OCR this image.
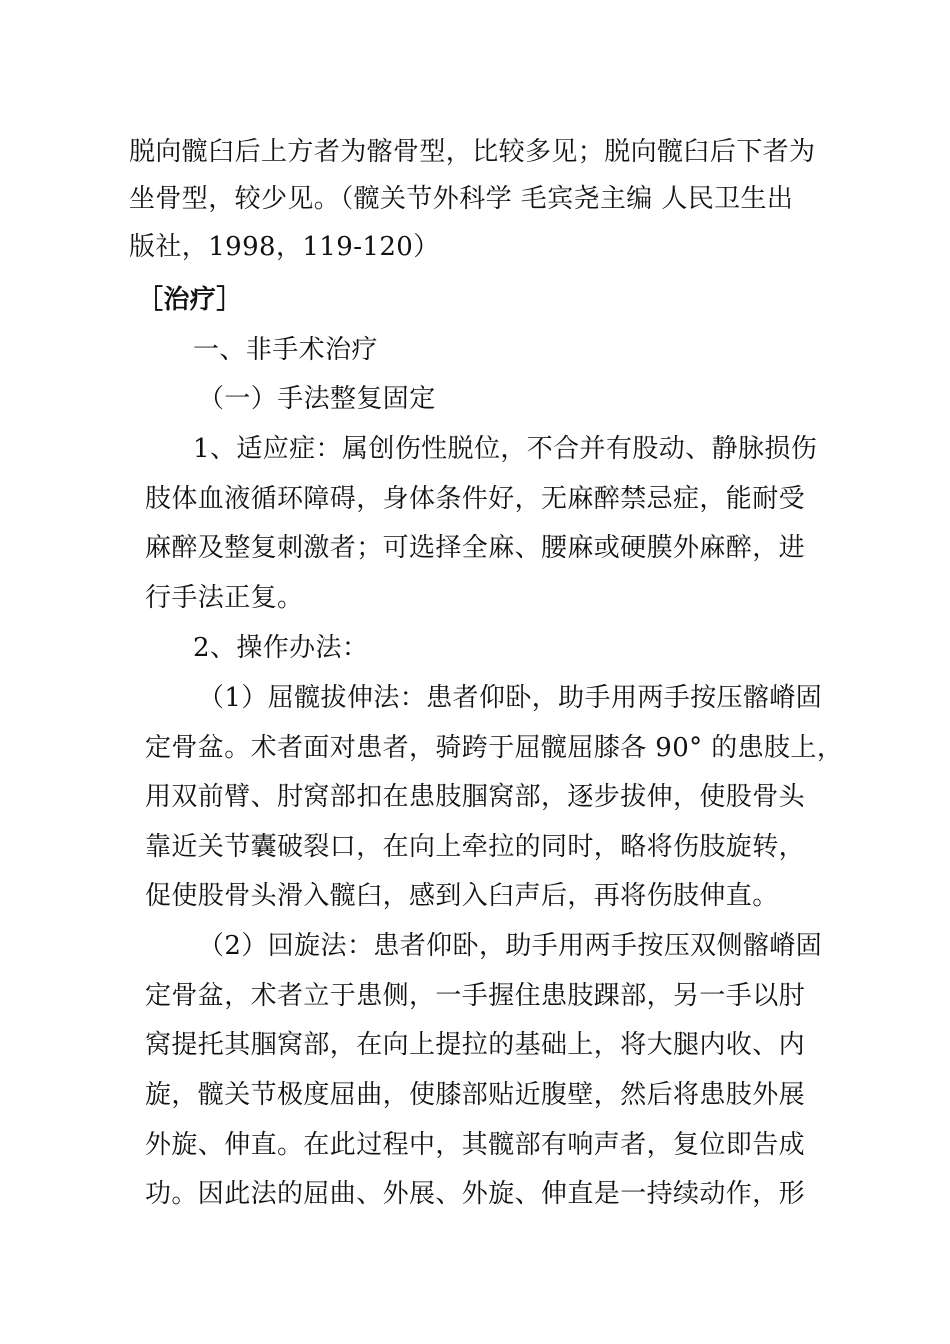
脱向髋臼后上方者为髂骨型，比较多见；脱向髋臼后下者为
坐骨型，较少见。（髋关节外科学 毛宾尧主编 人民卫生出
版社，1998，119-120）
［治疗］
一、非手术治疗
（一）手法整复固定
1、适应症：属创伤性脱位，不合并有股动、静脉损伤
肢体血液循环障碍，身体条件好，无麻醉禁忌症，能耐受
麻醉及整复刺激者；可选择全麻、腰麻或硬膜外麻醉，进
行手法正复。
2、操作办法：
（1）屈髋拔伸法：患者仰卧，助手用两手按压髂嵴固
定骨盆。术者面对患者，骑跨于屈髋屈膝各 90° 的患肢上，
用双前臂、肘窝部扣在患肢腘窝部，逐步拔伸，使股骨头
靠近关节囊破裂口，在向上牵拉的同时，略将伤肢旋转，
促使股骨头滑入髋臼，感到入臼声后，再将伤肢伸直。
（2）回旋法：患者仰卧，助手用两手按压双侧髂嵴固
定骨盆，术者立于患侧，一手握住患肢踝部，另一手以肘
窝提托其腘窝部，在向上提拉的基础上，将大腿内收、内
旋，髋关节极度屈曲，使膝部贴近腹壁，然后将患肢外展
外旋、伸直。在此过程中，其髋部有响声者，复位即告成
功。因此法的屈曲、外展、外旋、伸直是一持续动作，形
